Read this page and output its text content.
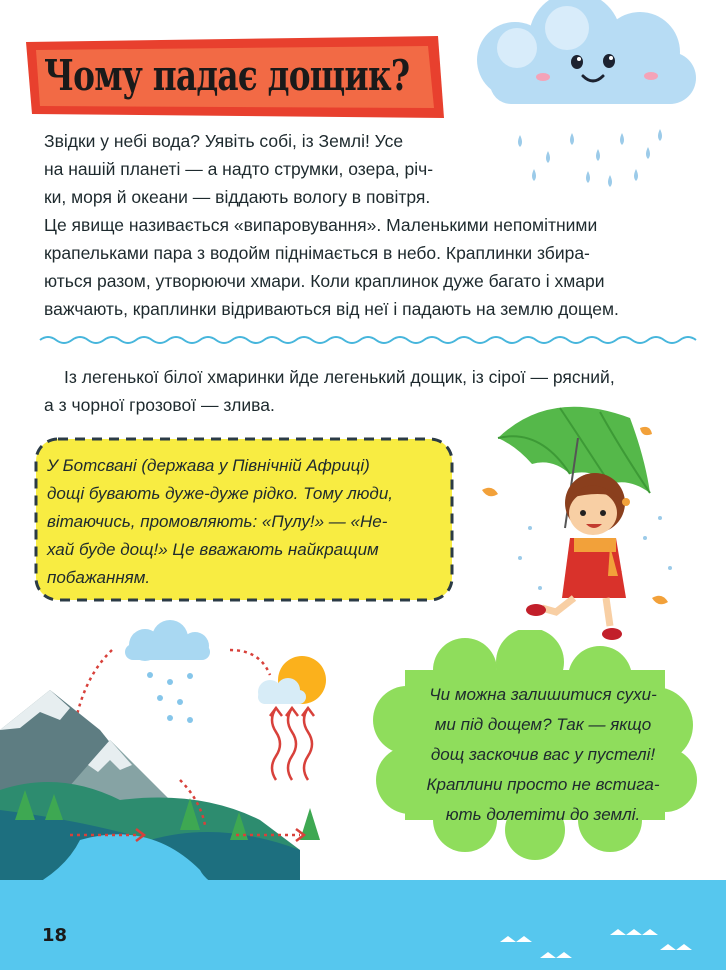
Чому падає дощик?
Звідки у небі вода? Уявіть собі, із Землі! Усе
на нашій планеті — а надто струмки, озера, річ-
ки, моря й океани — віддають вологу в повітря.
Це явище називається «випаровування». Маленькими непомітними
крапельками пара з водойм піднімається в небо. Краплинки збира-
ються разом, утворюючи хмари. Коли краплинок дуже багато і хмари
важчають, краплинки відриваються від неї і падають на землю дощем.
Із легенької білої хмаринки йде легенький дощик, із сірої — рясний,
а з чорної грозової — злива.
У Ботсвані (держава у Північній Африці)
дощі бувають дуже-дуже рідко. Тому люди,
вітаючись, промовляють: «Пулу!» — «Не-
хай буде дощ!» Це вважають найкращим
побажанням.
Чи можна залишитися сухи-
ми під дощем? Так — якщо
дощ заскочив вас у пустелі!
Краплини просто не встига-
ють долетіти до землі.
18
